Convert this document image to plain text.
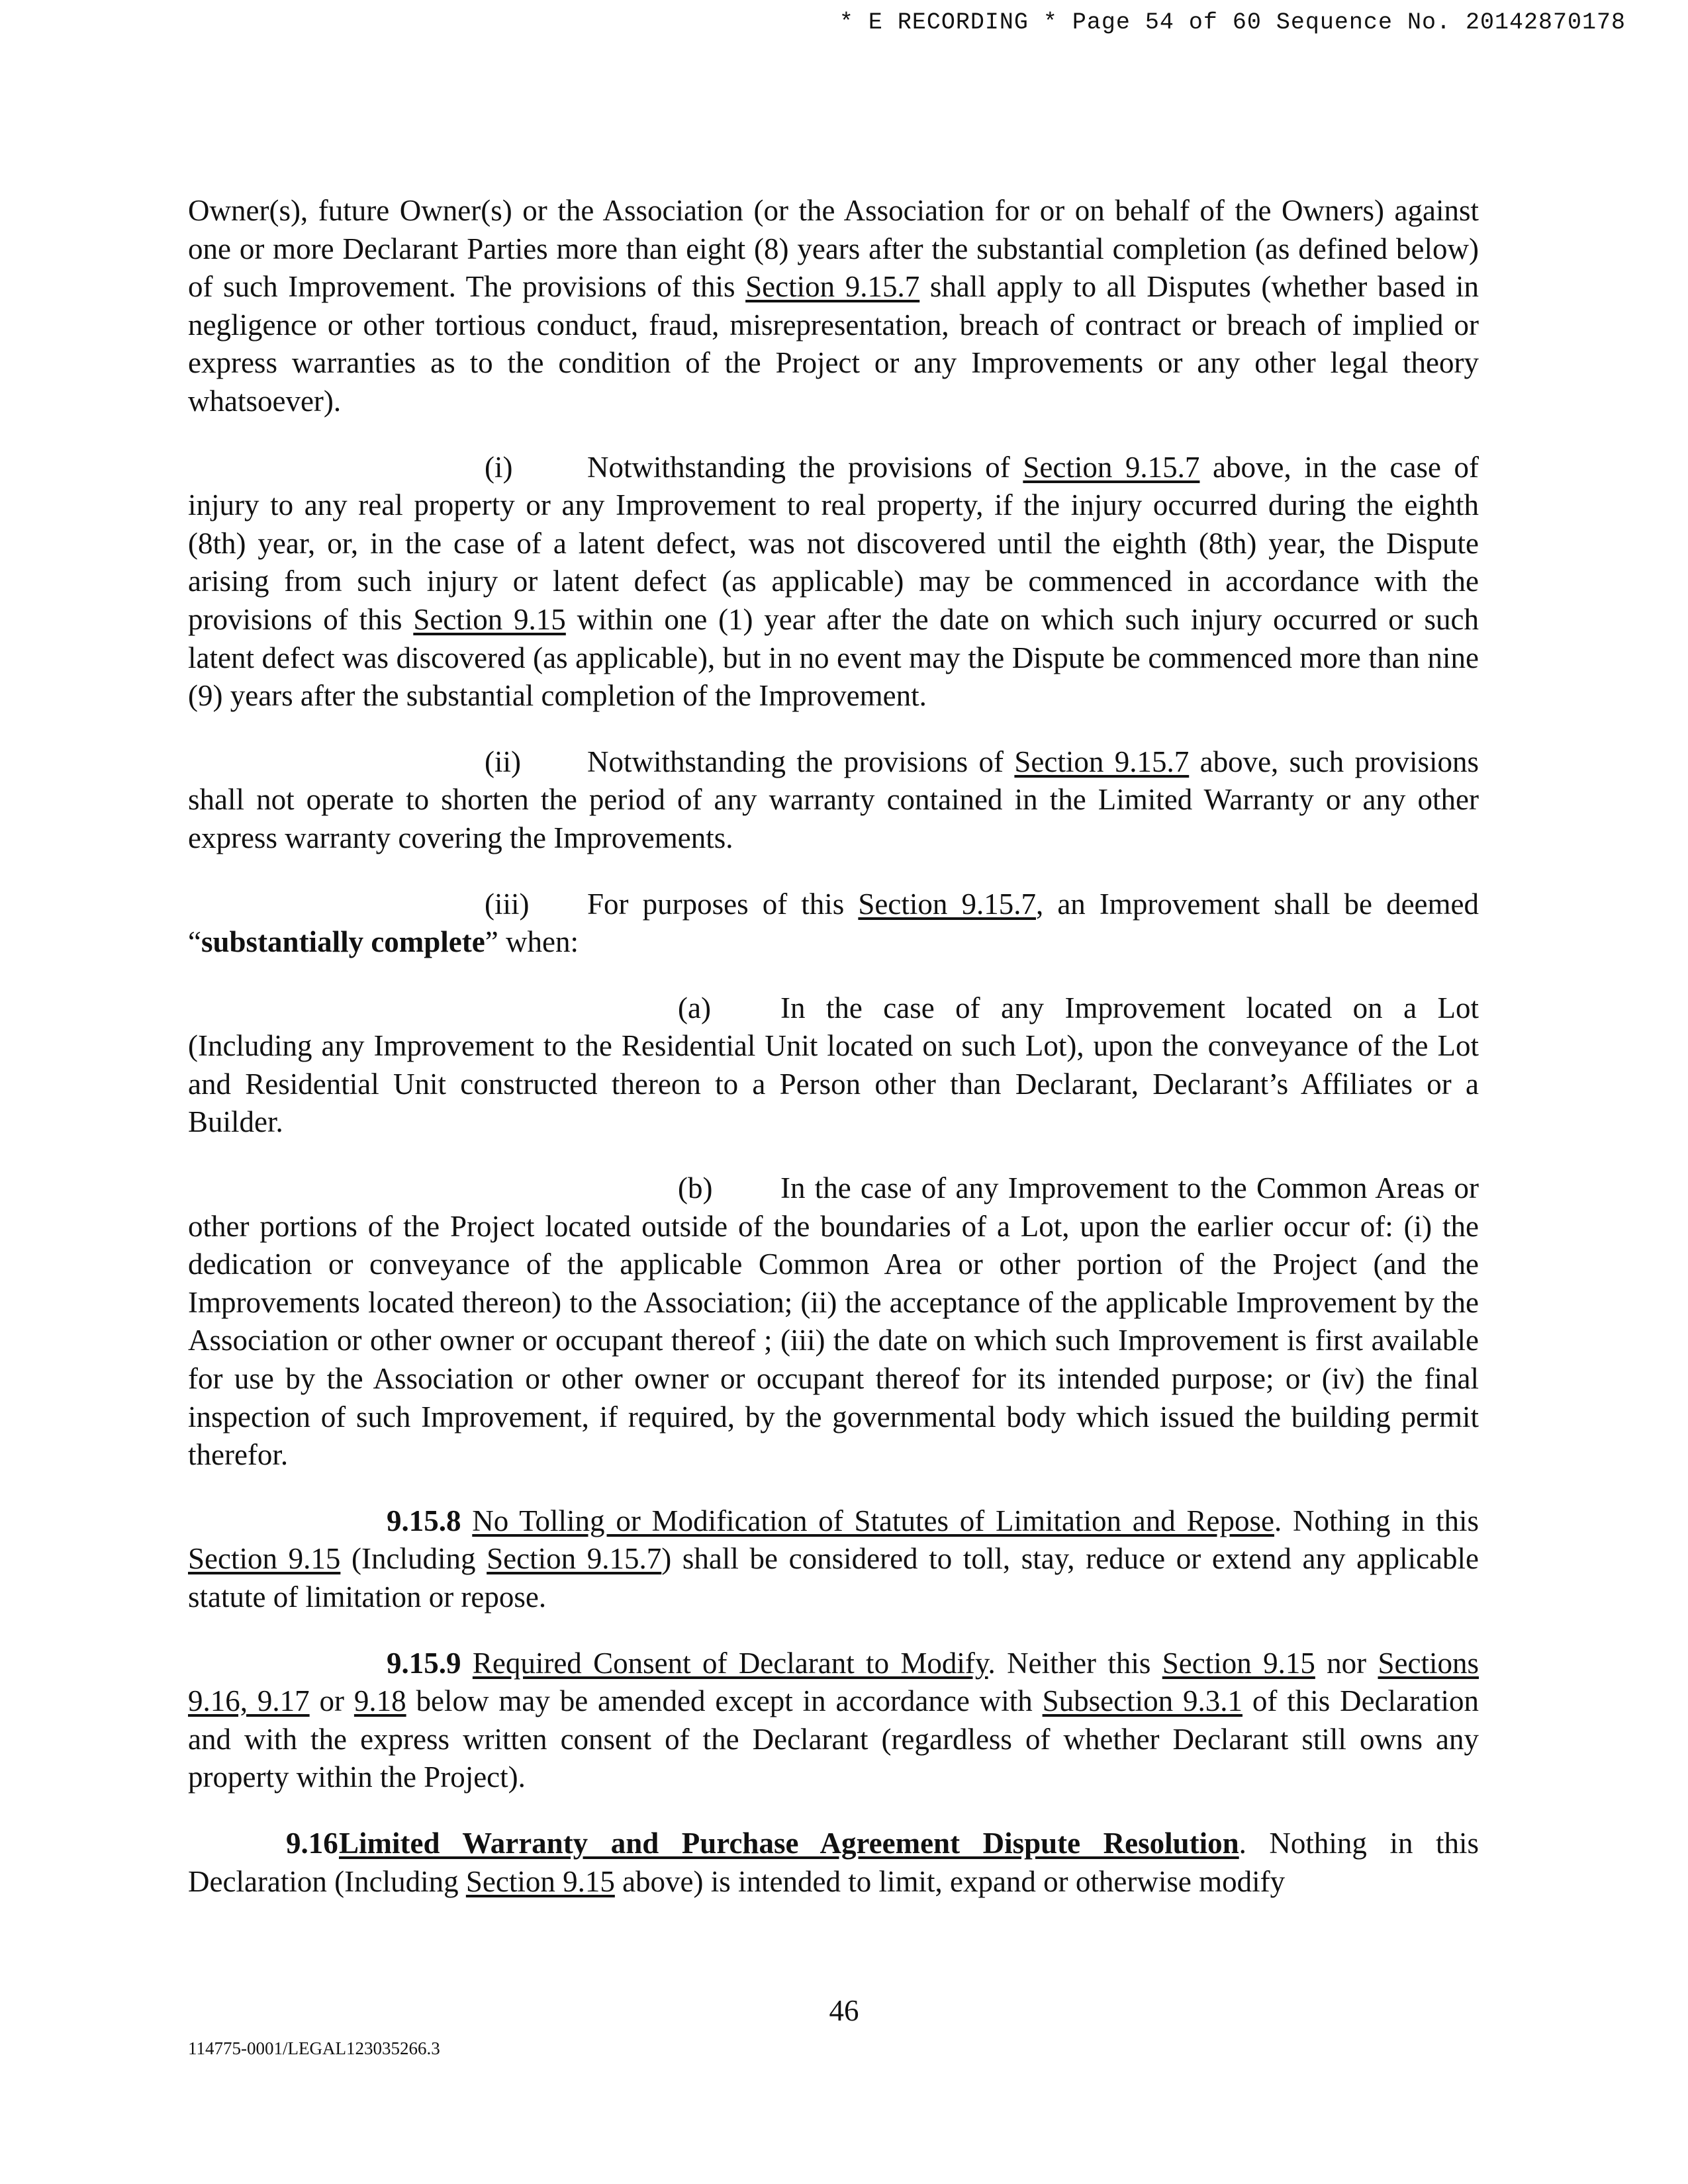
* E RECORDING * Page 54 of 60 Sequence No. 20142870178

Owner(s), future Owner(s) or the Association (or the Association for or on behalf of the Owners) against one or more Declarant Parties more than eight (8) years after the substantial completion (as defined below) of such Improvement. The provisions of this Section 9.15.7 shall apply to all Disputes (whether based in negligence or other tortious conduct, fraud, misrepresentation, breach of contract or breach of implied or express warranties as to the condition of the Project or any Improvements or any other legal theory whatsoever).

(i)	Notwithstanding the provisions of Section 9.15.7 above, in the case of injury to any real property or any Improvement to real property, if the injury occurred during the eighth (8th) year, or, in the case of a latent defect, was not discovered until the eighth (8th) year, the Dispute arising from such injury or latent defect (as applicable) may be commenced in accordance with the provisions of this Section 9.15 within one (1) year after the date on which such injury occurred or such latent defect was discovered (as applicable), but in no event may the Dispute be commenced more than nine (9) years after the substantial completion of the Improvement.

(ii) Notwithstanding the provisions of Section 9.15.7 above, such provisions shall not operate to shorten the period of any warranty contained in the Limited Warranty or any other express warranty covering the Improvements.

(iii) For purposes of this Section 9.15.7, an Improvement shall be deemed “substantially complete” when:

(a) In the case of any Improvement located on a Lot (Including any Improvement to the Residential Unit located on such Lot), upon the conveyance of the Lot and Residential Unit constructed thereon to a Person other than Declarant, Declarant’s Affiliates or a Builder.

(b) In the case of any Improvement to the Common Areas or other portions of the Project located outside of the boundaries of a Lot, upon the earlier occur of: (i) the dedication or conveyance of the applicable Common Area or other portion of the Project (and the Improvements located thereon) to the Association; (ii) the acceptance of the applicable Improvement by the Association or other owner or occupant thereof ; (iii) the date on which such Improvement is first available for use by the Association or other owner or occupant thereof for its intended purpose; or (iv) the final inspection of such Improvement, if required, by the governmental body which issued the building permit therefor.

9.15.8 No Tolling or Modification of Statutes of Limitation and Repose. Nothing in this Section 9.15 (Including Section 9.15.7) shall be considered to toll, stay, reduce or extend any applicable statute of limitation or repose.

9.15.9 Required Consent of Declarant to Modify. Neither this Section 9.15 nor Sections 9.16, 9.17 or 9.18 below may be amended except in accordance with Subsection 9.3.1 of this Declaration and with the express written consent of the Declarant (regardless of whether Declarant still owns any property within the Project).

9.16Limited Warranty and Purchase Agreement Dispute Resolution. Nothing in this Declaration (Including Section 9.15 above) is intended to limit, expand or otherwise modify

46
114775-0001/LEGAL123035266.3
